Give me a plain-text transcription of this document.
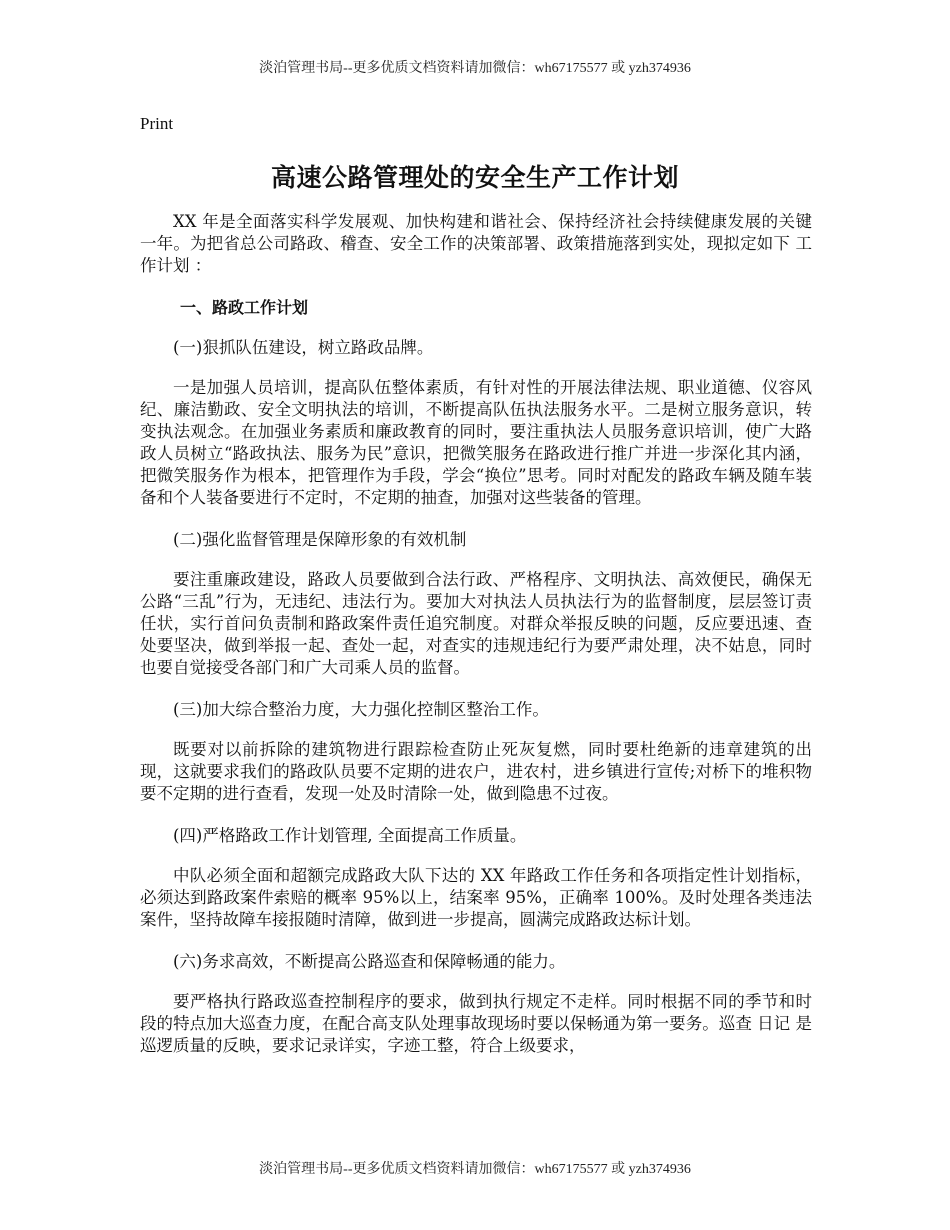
淡泊管理书局--更多优质文档资料请加微信：wh67175577 或 yzh374936
Print
高速公路管理处的安全生产工作计划

XX 年是全面落实科学发展观、加快构建和谐社会、保持经济社会持续健康发展的关键一年。为把省总公司路政、稽查、安全工作的决策部署、政策措施落到实处，现拟定如下 工作计划 ：

一、路政工作计划

(一)狠抓队伍建设，树立路政品牌。

一是加强人员培训，提高队伍整体素质，有针对性的开展法律法规、职业道德、仪容风纪、廉洁勤政、安全文明执法的培训，不断提高队伍执法服务水平。二是树立服务意识，转变执法观念。在加强业务素质和廉政教育的同时，要注重执法人员服务意识培训，使广大路政人员树立“路政执法、服务为民”意识，把微笑服务在路政进行推广并进一步深化其内涵，把微笑服务作为根本，把管理作为手段，学会“换位”思考。同时对配发的路政车辆及随车装备和个人装备要进行不定时，不定期的抽查，加强对这些装备的管理。

(二)强化监督管理是保障形象的有效机制

要注重廉政建设，路政人员要做到合法行政、严格程序、文明执法、高效便民，确保无公路“三乱”行为，无违纪、违法行为。要加大对执法人员执法行为的监督制度，层层签订责任状，实行首问负责制和路政案件责任追究制度。对群众举报反映的问题，反应要迅速、查处要坚决，做到举报一起、查处一起，对查实的违规违纪行为要严肃处理，决不姑息，同时也要自觉接受各部门和广大司乘人员的监督。

(三)加大综合整治力度，大力强化控制区整治工作。

既要对以前拆除的建筑物进行跟踪检查防止死灰复燃，同时要杜绝新的违章建筑的出现，这就要求我们的路政队员要不定期的进农户，进农村，进乡镇进行宣传;对桥下的堆积物要不定期的进行查看，发现一处及时清除一处，做到隐患不过夜。

(四)严格路政工作计划管理, 全面提高工作质量。

中队必须全面和超额完成路政大队下达的 XX 年路政工作任务和各项指定性计划指标，必须达到路政案件索赔的概率 95%以上，结案率 95%，正确率 100%。及时处理各类违法案件，坚持故障车接报随时清障，做到进一步提高，圆满完成路政达标计划。

(六)务求高效，不断提高公路巡查和保障畅通的能力。

要严格执行路政巡查控制程序的要求，做到执行规定不走样。同时根据不同的季节和时段的特点加大巡查力度，在配合高支队处理事故现场时要以保畅通为第一要务。巡查 日记 是巡逻质量的反映，要求记录详实，字迹工整，符合上级要求，

淡泊管理书局--更多优质文档资料请加微信：wh67175577 或 yzh374936
